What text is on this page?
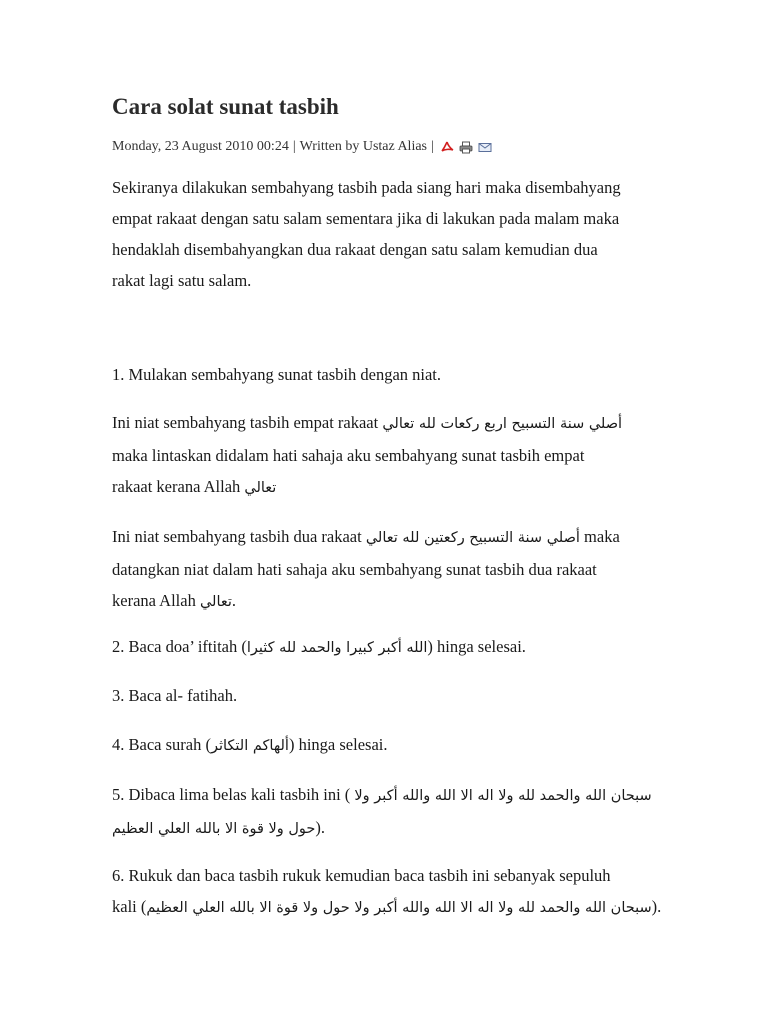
Cara solat sunat tasbih
Monday, 23 August 2010 00:24 | Written by Ustaz Alias |

Sekiranya dilakukan sembahyang tasbih pada siang hari maka disembahyang
empat rakaat dengan satu salam sementara jika di lakukan pada malam maka
hendaklah disembahyangkan dua rakaat dengan satu salam kemudian dua
rakat lagi satu salam.

1. Mulakan sembahyang sunat tasbih dengan niat.

Ini niat sembahyang tasbih empat rakaat أصلي سنة التسبيح اربع ركعات لله تعالي
maka lintaskan didalam hati sahaja aku sembahyang sunat tasbih empat
rakaat kerana Allah تعالي

Ini niat sembahyang tasbih dua rakaat أصلي سنة التسبيح ركعتين لله تعالي maka
datangkan niat dalam hati sahaja aku sembahyang sunat tasbih dua rakaat
kerana Allah تعالي.

2. Baca doa’ iftitah (الله أكبر كبيرا والحمد لله كثيرا) hinga selesai.

3. Baca al- fatihah.

4. Baca surah (ألهاكم التكاثر) hinga selesai.

5. Dibaca lima belas kali tasbih ini ( سبحان الله والحمد لله ولا اله الا الله والله أكبر ولا
حول ولا قوة الا بالله العلي العظيم).

6. Rukuk dan baca tasbih rukuk kemudian baca tasbih ini sebanyak sepuluh
kali (سبحان الله والحمد لله ولا اله الا الله والله أكبر ولا حول ولا قوة الا بالله العلي العظيم).
